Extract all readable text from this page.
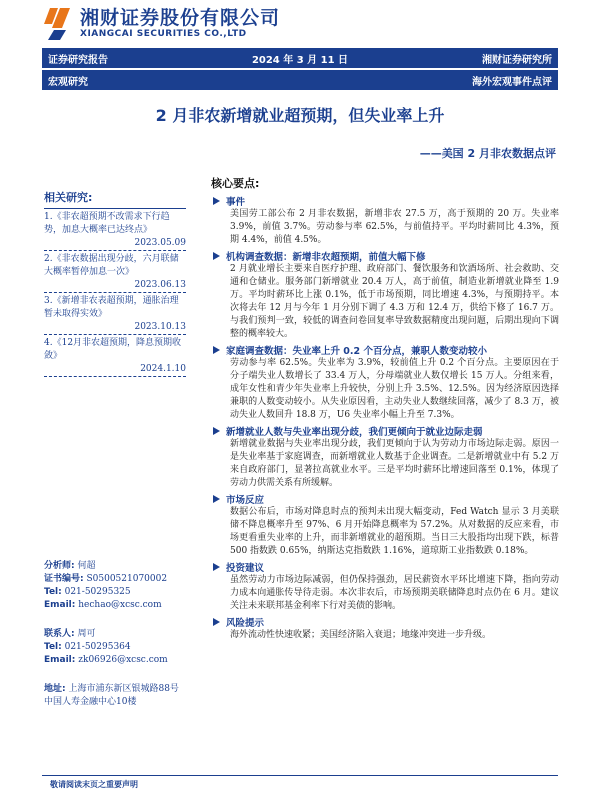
湘财证券股份有限公司
XIANGCAI SECURITIES CO.,LTD
证券研究报告	2024 年 3 月 11 日	湘财证券研究所
宏观研究	海外宏观事件点评
2 月非农新增就业超预期，但失业率上升
——美国 2 月非农数据点评
相关研究:
1.《非农超预期不改需求下行趋势，加息大概率已达终点》
2023.05.09
2.《非农数据出现分歧，六月联储大概率暂停加息一次》
2023.06.13
3.《新增非农表超预期，通胀治理暂未取得实效》
2023.10.13
4.《12月非农超预期，降息预期收敛》
2024.1.10
分析师: 何超
证书编号: S0500521070002
Tel: 021-50295325
Email: hechao@xcsc.com
联系人: 周可
Tel: 021-50295364
Email: zk06926@xcsc.com
地址: 上海市浦东新区银城路88号
中国人寿金融中心10楼
核心要点:
事件

美国劳工部公布 2 月非农数据，新增非农 27.5 万，高于预期的 20 万。失业率 3.9%，前值 3.7%。劳动参与率 62.5%，与前值持平。平均时薪同比 4.3%，预期 4.4%，前值 4.5%。

机构调查数据：新增非农超预期，前值大幅下修

2 月就业增长主要来自医疗护理、政府部门、餐饮服务和饮酒场所、社会救助、交通和仓储业。服务部门新增就业 20.4 万人，高于前值，制造业新增就业降至 1.9 万。平均时薪环比上涨 0.1%，低于市场预期，同比增速 4.3%，与预期持平。本次将去年 12 月与今年 1 月分别下调了 4.3 万和 12.4 万，供给下修了 16.7 万。与我们预判一致，较低的调查问卷回复率导致数据精度出现问题，后期出现向下调整的概率较大。

家庭调查数据：失业率上升 0.2 个百分点，兼职人数变动较小

劳动参与率 62.5%。失业率为 3.9%，较前值上升 0.2 个百分点。主要原因在于分子端失业人数增长了 33.4 万人，分母端就业人数仅增长 15 万人。分组来看，成年女性和青少年失业率上升较快，分别上升 3.5%、12.5%。因为经济原因选择兼职的人数变动较小。从失业原因看，主动失业人数继续回落，减少了 8.3 万，被动失业人数回升 18.8 万，U6 失业率小幅上升至 7.3%。

新增就业人数与失业率出现分歧，我们更倾向于就业边际走弱

新增就业数据与失业率出现分歧，我们更倾向于认为劳动力市场边际走弱。原因一是失业率基于家庭调查，而新增就业人数基于企业调查。二是新增就业中有 5.2 万来自政府部门，显著拉高就业水平。三是平均时薪环比增速回落至 0.1%，体现了劳动力供需关系有所缓解。

市场反应

数据公布后，市场对降息时点的预判未出现大幅变动，Fed Watch 显示 3 月美联储不降息概率升至 97%、6 月开始降息概率为 57.2%。从对数据的反应来看，市场更看重失业率的上升，而非新增就业的超预期。当日三大股指均出现下跌，标普 500 指数跌 0.65%，纳斯达克指数跌 1.16%，道琼斯工业指数跌 0.18%。

投资建议

虽然劳动力市场边际减弱，但仍保持强劲，居民薪资水平环比增速下降，指向劳动力成本向通胀传导待走弱。本次非农后，市场预期美联储降息时点仍在 6 月。建议关注未来联邦基金利率下行对美债的影响。

风险提示

海外流动性快速收紧；美国经济陷入衰退；地缘冲突进一步升级。

敬请阅读末页之重要声明
